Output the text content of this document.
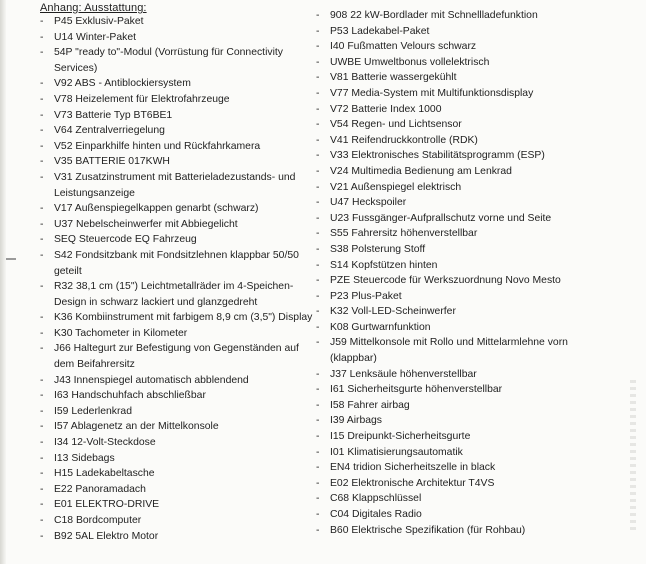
Anhang: Ausstattung:
-	P45 Exklusiv-Paket
-	U14 Winter-Paket
-	54P "ready to"-Modul (Vorrüstung für Connectivity Services)
-	V92 ABS - Antiblockiersystem
-	V78 Heizelement für Elektrofahrzeuge
-	V73 Batterie Typ BT6BE1
-	V64 Zentralverriegelung
-	V52 Einparkhilfe hinten und Rückfahrkamera
-	V35 BATTERIE 017KWH
-	V31 Zusatzinstrument mit Batterieladezustands- und Leistungsanzeige
-	V17 Außenspiegelkappen genarbt (schwarz)
-	U37 Nebelscheinwerfer mit Abbiegelicht
-	SEQ Steuercode EQ Fahrzeug
-	S42 Fondsitzbank mit Fondsitzlehnen klappbar 50/50 geteilt
-	R32 38,1 cm (15") Leichtmetallräder im 4-Speichen-Design in schwarz lackiert und glanzgedreht
-	K36 Kombiinstrument mit farbigem 8,9 cm (3,5") Display
-	K30 Tachometer in Kilometer
-	J66 Haltegurt zur Befestigung von Gegenständen auf dem Beifahrersitz
-	J43 Innenspiegel automatisch abblendend
-	I63 Handschuhfach abschließbar
-	I59 Lederlenkrad
-	I57 Ablagenetz an der Mittelkonsole
-	I34 12-Volt-Steckdose
-	I13 Sidebags
-	H15 Ladekabeltasche
-	E22 Panoramadach
-	E01 ELEKTRO-DRIVE
-	C18 Bordcomputer
-	B92 5AL Elektro Motor
-	908 22 kW-Bordlader mit Schnellladefunktion
-	P53 Ladekabel-Paket
-	I40 Fußmatten Velours schwarz
-	UWBE Umweltbonus vollelektrisch
-	V81 Batterie wassergekühlt
-	V77 Media-System mit Multifunktionsdisplay
-	V72 Batterie Index 1000
-	V54 Regen- und Lichtsensor
-	V41 Reifendruckkontrolle (RDK)
-	V33 Elektronisches Stabilitätsprogramm (ESP)
-	V24 Multimedia Bedienung am Lenkrad
-	V21 Außenspiegel elektrisch
-	U47 Heckspoiler
-	U23 Fussgänger-Aufprallschutz vorne und Seite
-	S55 Fahrersitz höhenverstellbar
-	S38 Polsterung Stoff
-	S14 Kopfstützen hinten
-	PZE Steuercode für Werkszuordnung Novo Mesto
-	P23 Plus-Paket
-	K32 Voll-LED-Scheinwerfer
-	K08 Gurtwarnfunktion
-	J59 Mittelkonsole mit Rollo und Mittelarmlehne vorn (klappbar)
-	J37 Lenksäule höhenverstellbar
-	I61 Sicherheitsgurte höhenverstellbar
-	I58 Fahrer airbag
-	I39 Airbags
-	I15 Dreipunkt-Sicherheitsgurte
-	I01 Klimatisierungsautomatik
-	EN4 tridion Sicherheitszelle in black
-	E02 Elektronische Architektur T4VS
-	C68 Klappschlüssel
-	C04 Digitales Radio
-	B60 Elektrische Spezifikation (für Rohbau)
